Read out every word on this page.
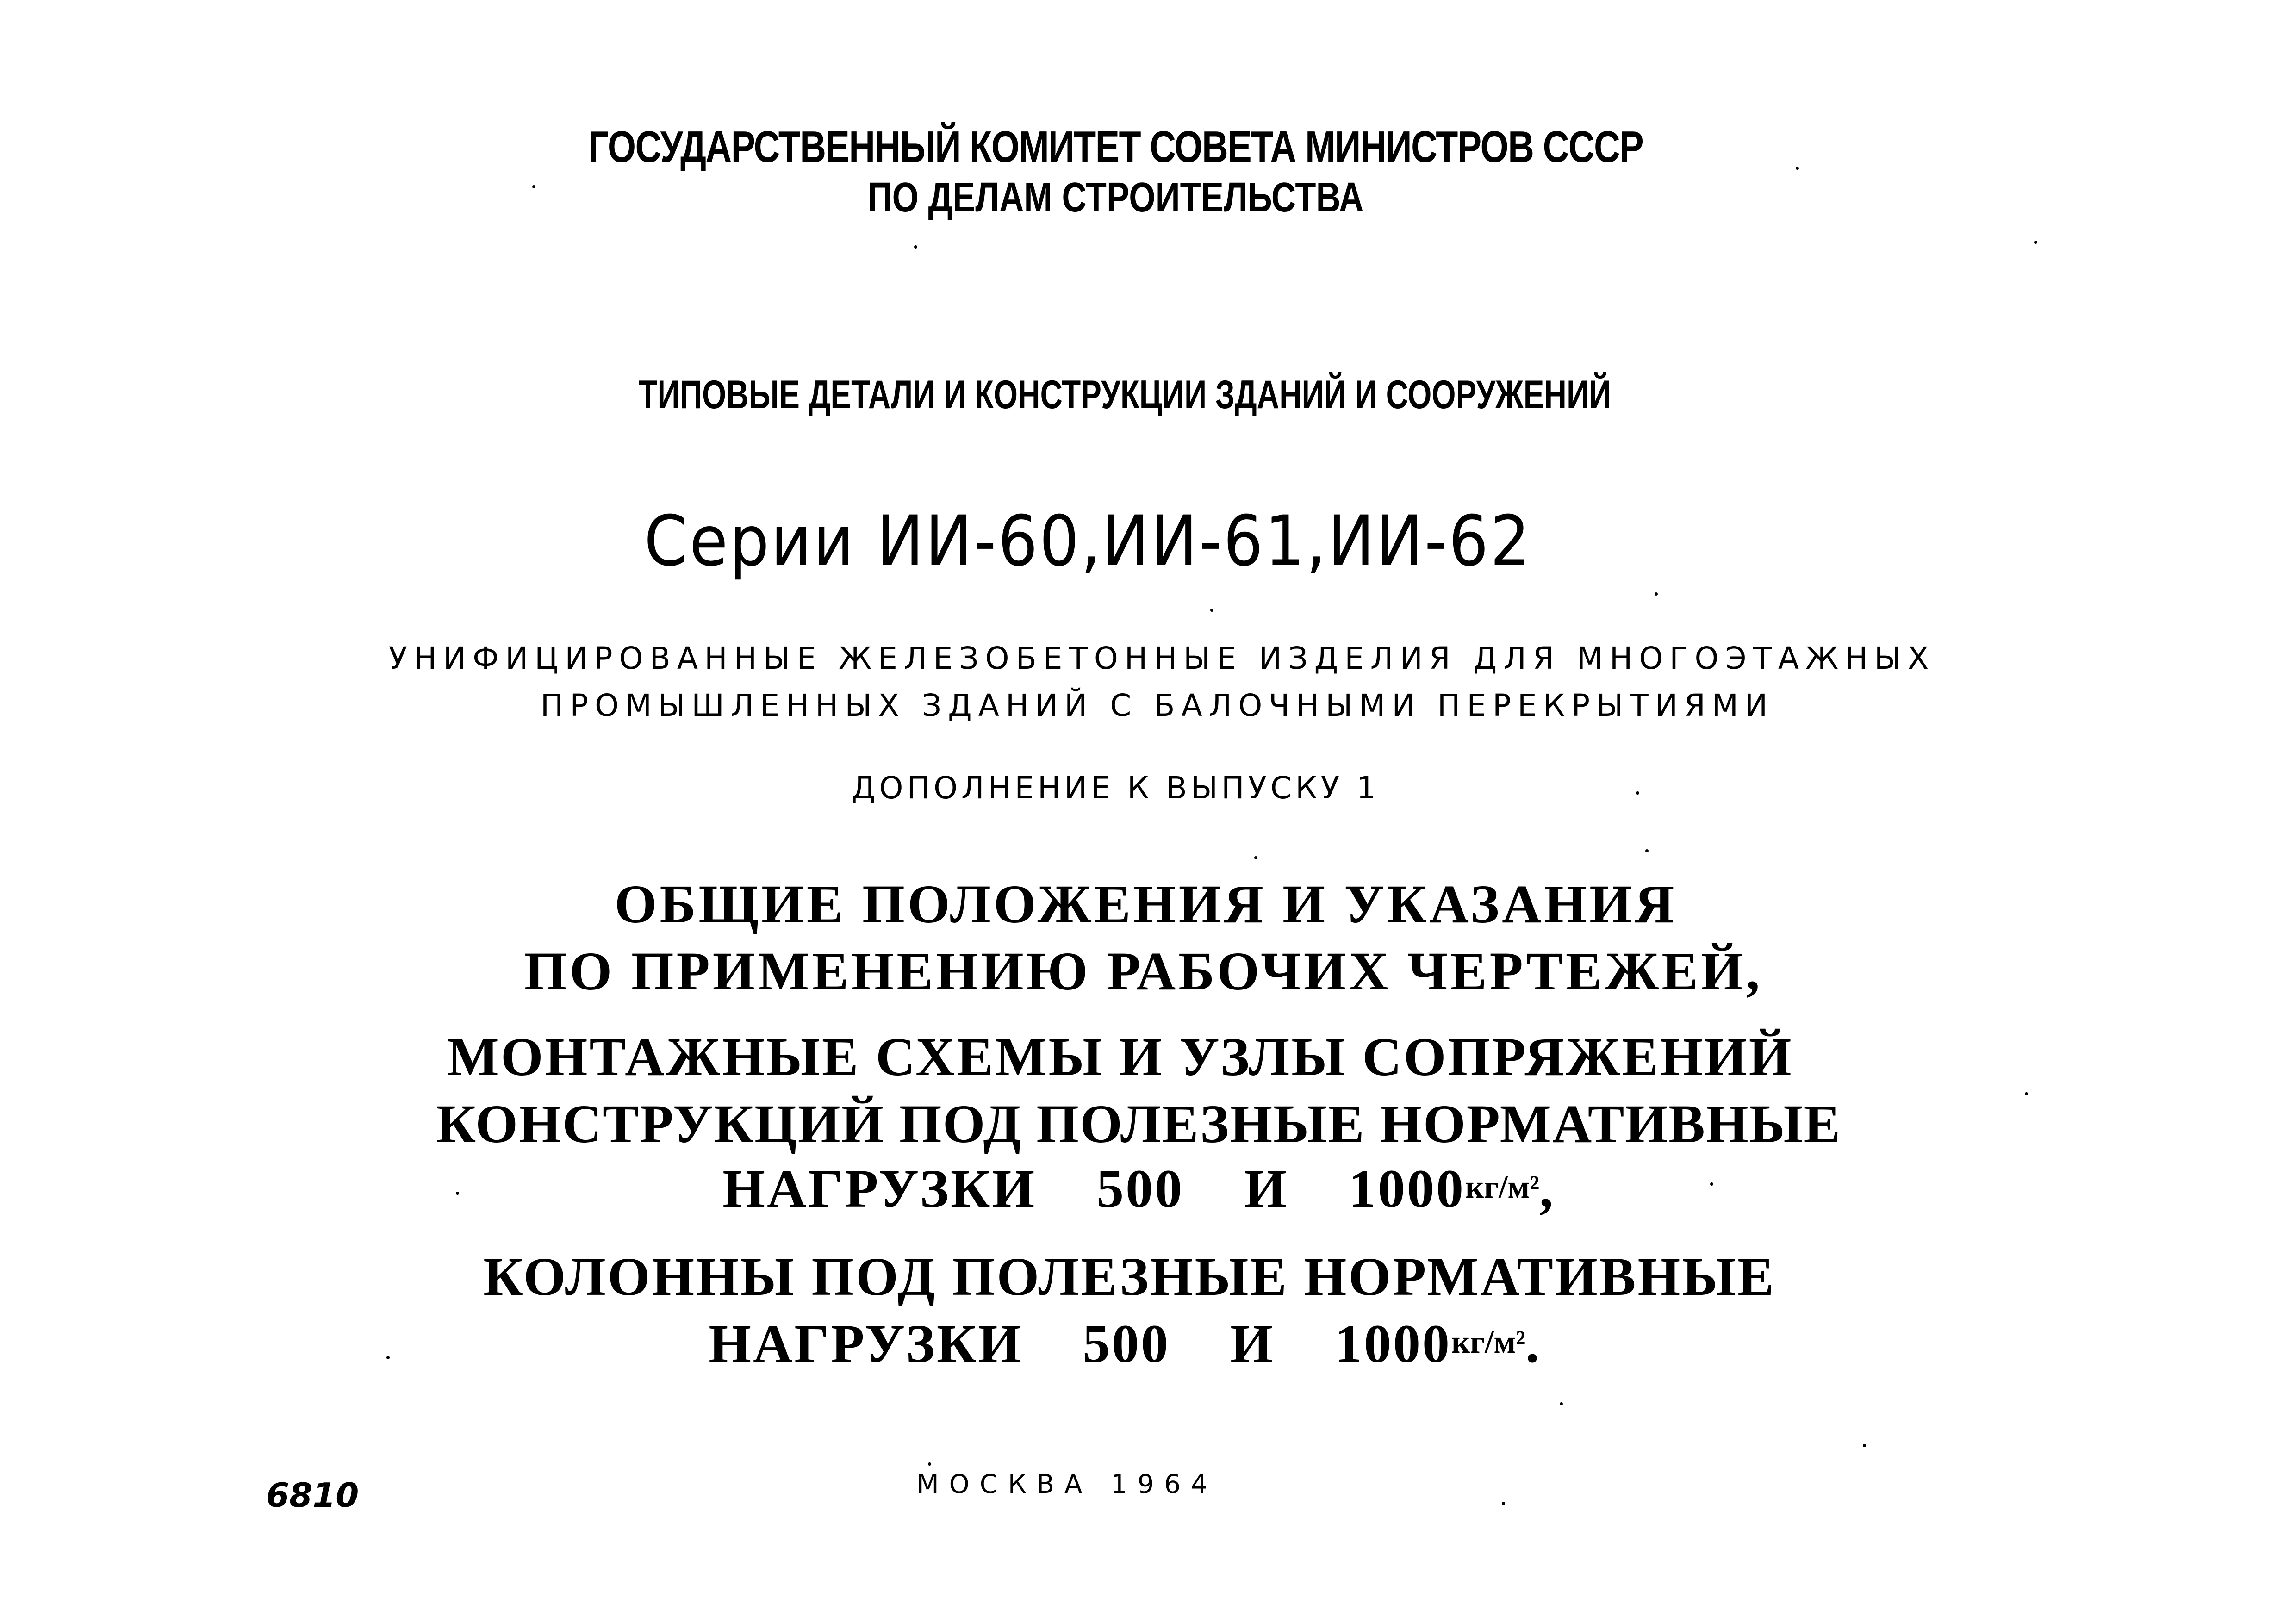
ГОСУДАРСТВЕННЫЙ КОМИТЕТ СОВЕТА МИНИСТРОВ СССР
ПО ДЕЛАМ СТРОИТЕЛЬСТВА
ТИПОВЫЕ ДЕТАЛИ И КОНСТРУКЦИИ ЗДАНИЙ И СООРУЖЕНИЙ
Серии ИИ-60,ИИ-61,ИИ-62
УНИФИЦИРОВАННЫЕ ЖЕЛЕЗОБЕТОННЫЕ ИЗДЕЛИЯ ДЛЯ МНОГОЭТАЖНЫХ
ПРОМЫШЛЕННЫХ ЗДАНИЙ С БАЛОЧНЫМИ ПЕРЕКРЫТИЯМИ
ДОПОЛНЕНИЕ К ВЫПУСКУ 1
ОБЩИЕ ПОЛОЖЕНИЯ И УКАЗАНИЯ
ПО ПРИМЕНЕНИЮ РАБОЧИХ ЧЕРТЕЖЕЙ,
МОНТАЖНЫЕ СХЕМЫ И УЗЛЫ СОПРЯЖЕНИЙ
КОНСТРУКЦИЙ ПОД ПОЛЕЗНЫЕ НОРМАТИВНЫЕ
НАГРУЗКИ 500 И 1000кг/м²,
КОЛОННЫ ПОД ПОЛЕЗНЫЕ НОРМАТИВНЫЕ
НАГРУЗКИ 500 И 1000кг/м².
МОСКВА 1964
6810
